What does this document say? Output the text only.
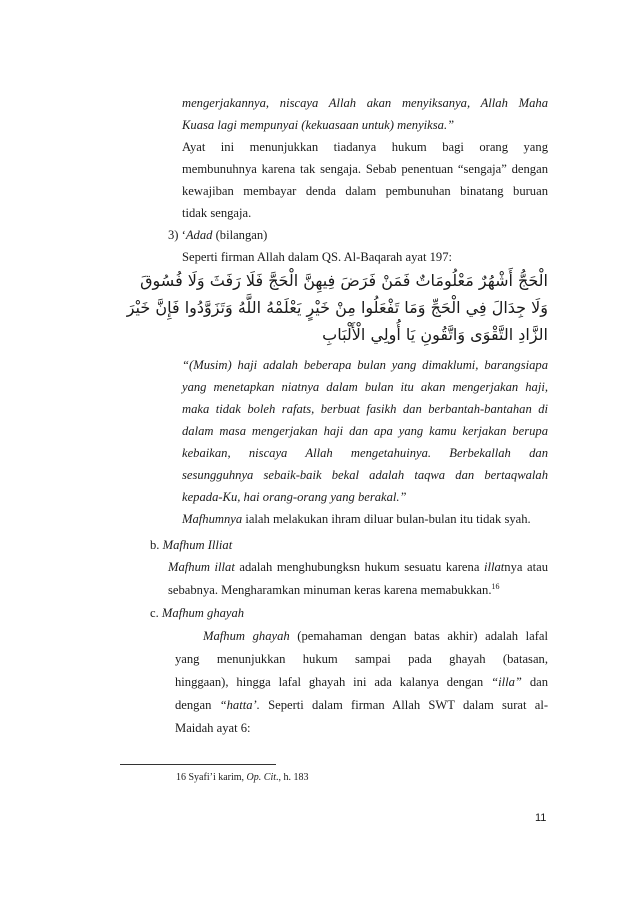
mengerjakannya, niscaya Allah akan menyiksanya, Allah Maha
Kuasa lagi mempunyai (kekuasaan untuk) menyiksa.”
Ayat ini menunjukkan tiadanya hukum bagi orang yang
membunuhnya karena tak sengaja. Sebab penentuan “sengaja” dengan
kewajiban membayar denda dalam pembunuhan binatang buruan
tidak sengaja.
3) ‘Adad (bilangan)
Seperti firman Allah dalam QS. Al-Baqarah ayat 197:
الْحَجُّ أَشْهُرٌ مَعْلُومَاتٌ فَمَنْ فَرَضَ فِيهِنَّ الْحَجَّ فَلَا رَفَثَ وَلَا فُسُوقَ
وَلَا جِدَالَ فِي الْحَجِّ وَمَا تَفْعَلُوا مِنْ خَيْرٍ يَعْلَمْهُ اللَّهُ وَتَزَوَّدُوا فَإِنَّ خَيْرَ
الزَّادِ التَّقْوَى وَاتَّقُونِ يَا أُولِي الْأَلْبَابِ
“(Musim) haji adalah beberapa bulan yang dimaklumi, barangsiapa
yang menetapkan niatnya dalam bulan itu akan mengerjakan haji,
maka tidak boleh rafats, berbuat fasikh dan berbantah-bantahan di
dalam masa mengerjakan haji dan apa yang kamu kerjakan berupa
kebaikan, niscaya Allah mengetahuinya. Berbekallah dan
sesungguhnya sebaik-baik bekal adalah taqwa dan bertaqwalah
kepada-Ku, hai orang-orang yang berakal.”
Mafhumnya ialah melakukan ihram diluar bulan-bulan itu tidak syah.
b. Mafhum Illiat
Mafhum illat adalah menghubungksn hukum sesuatu karena illatnya atau
sebabnya. Mengharamkan minuman keras karena memabukkan.$^{16}$
c. Mafhum ghayah
Mafhum ghayah (pemahaman dengan batas akhir) adalah lafal
yang menunjukkan hukum sampai pada ghayah (batasan,
hinggaan), hingga lafal ghayah ini ada kalanya dengan “illa” dan
dengan “hatta’. Seperti dalam firman Allah SWT dalam surat al-
Maidah ayat 6:
16 Syafi’i karim, Op. Cit., h. 183
11
